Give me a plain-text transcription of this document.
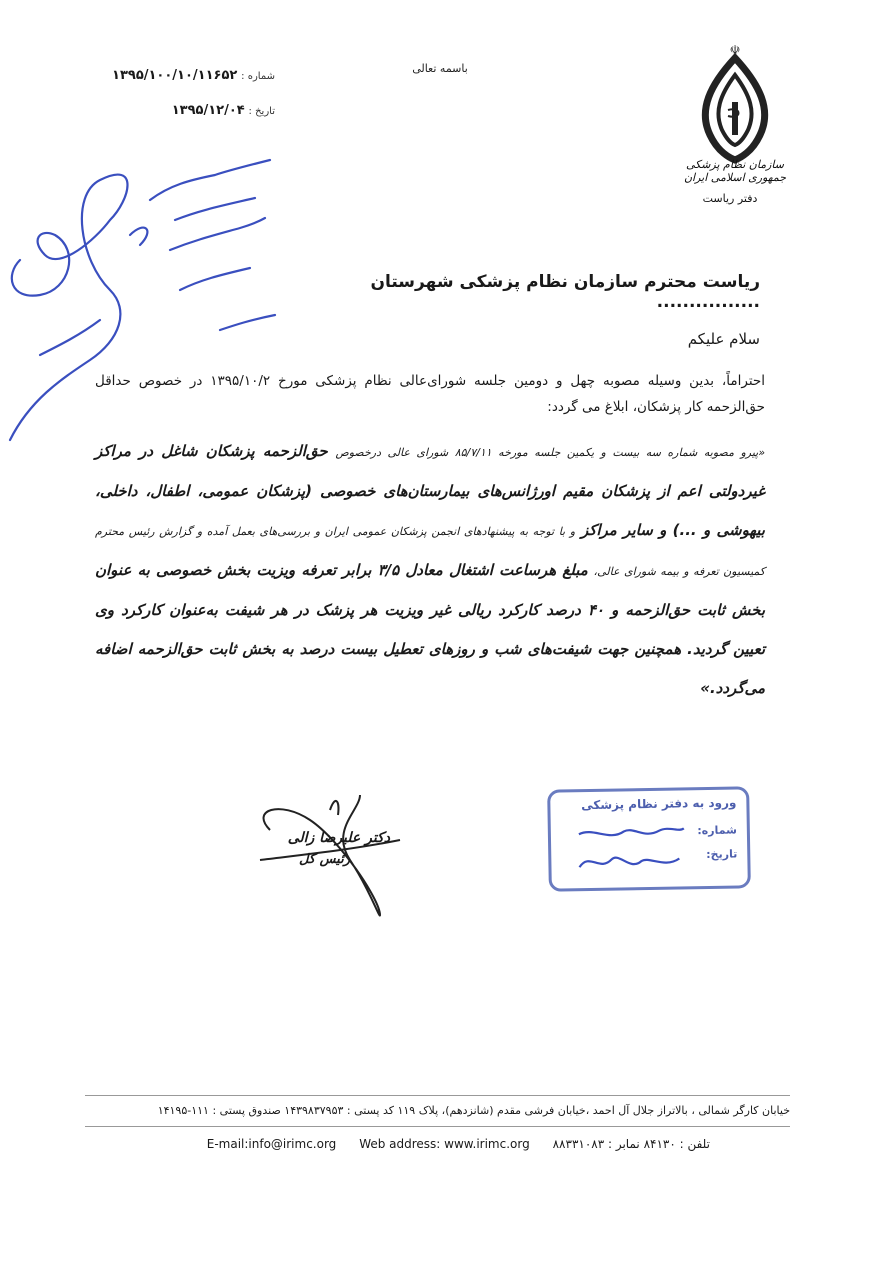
☫
سازمان نظام پزشکی جمهوری اسلامی ایران
دفتر ریاست
باسمه تعالی
شماره : ۱۳۹۵/۱۰۰/۱۰/۱۱۶۵۲
تاریخ : ۱۳۹۵/۱۲/۰۴
ریاست محترم سازمان نظام پزشکی شهرستان ................
سلام علیکم
احتراماً، بدین وسیله مصوبه چهل و دومین جلسه شورای‌عالی نظام پزشکی مورخ ۱۳۹۵/۱۰/۲ در خصوص حداقل حق‌الزحمه کار پزشکان، ابلاغ می گردد:
«پیرو مصوبه شماره سه بیست و یکمین جلسه مورخه ۸۵/۷/۱۱ شورای عالی درخصوص حق‌الزحمه پزشکان شاغل در مراکز غیردولتی اعم از پزشکان مقیم اورژانس‌های بیمارستان‌های خصوصی (پزشکان عمومی، اطفال، داخلی، بیهوشی و ...) و سایر مراکز و با توجه به پیشنهادهای انجمن پزشکان عمومی ایران و بررسی‌های بعمل آمده و گزارش رئیس محترم کمیسیون تعرفه و بیمه شورای عالی، مبلغ هرساعت اشتغال معادل ۳/۵ برابر تعرفه ویزیت بخش خصوصی به عنوان بخش ثابت حق‌الزحمه و ۴۰ درصد کارکرد ریالی غیر ویزیت هر پزشک در هر شیفت به‌عنوان کارکرد وی تعیین گردید. همچنین جهت شیفت‌های شب و روزهای تعطیل بیست درصد به بخش ثابت حق‌الزحمه اضافه می‌گردد.»
دکتر علیرضا زالی
رئیس کل
ورود به دفتر نظام پزشکی
شماره:
تاریخ:
خیابان کارگر شمالی ، بالاتراز جلال آل احمد ،خیابان فرشی مقدم (شانزدهم)، پلاک ۱۱۹ کد پستی : ۱۴۳۹۸۳۷۹۵۳ صندوق پستی : ۱۱۱-۱۴۱۹۵
E-mail:info@irimc.org Web address: www.irimc.org تلفن : ۸۴۱۳۰ نمابر : ۸۸۳۳۱۰۸۳
